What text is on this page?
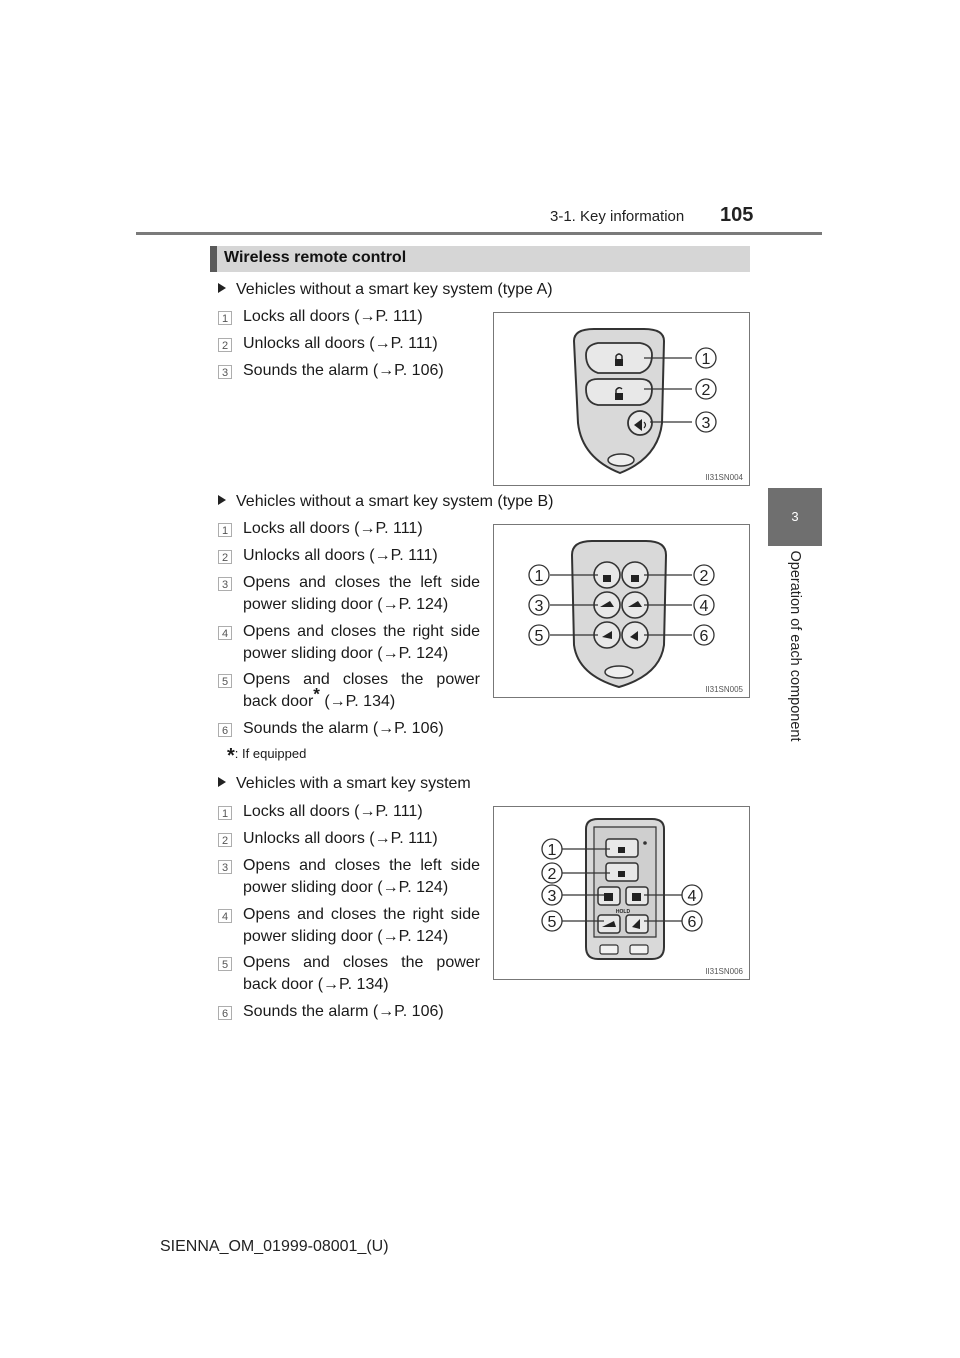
3-1. Key information 105
3
Operation of each component
Wireless remote control
Vehicles without a smart key system (type A)
1 Locks all doors (→P. 111)
2 Unlocks all doors (→P. 111)
3 Sounds the alarm (→P. 106)
1
2
3
II31SN004
Vehicles without a smart key system (type B)
1 Locks all doors (→P. 111)
2 Unlocks all doors (→P. 111)
3 Opens and closes the left side power sliding door (→P. 124)
4 Opens and closes the right side power sliding door (→P. 124)
5 Opens and closes the power back door* (→P. 134)
6 Sounds the alarm (→P. 106)
*: If equipped
1	2
3	4
5	6
II31SN005
Vehicles with a smart key system
1 Locks all doors (→P. 111)
2 Unlocks all doors (→P. 111)
3 Opens and closes the left side power sliding door (→P. 124)
4 Opens and closes the right side power sliding door (→P. 124)
5 Opens and closes the power back door (→P. 134)
6 Sounds the alarm (→P. 106)
HOLD
1
2
3	4
5	6
II31SN006
SIENNA_OM_01999-08001_(U)
